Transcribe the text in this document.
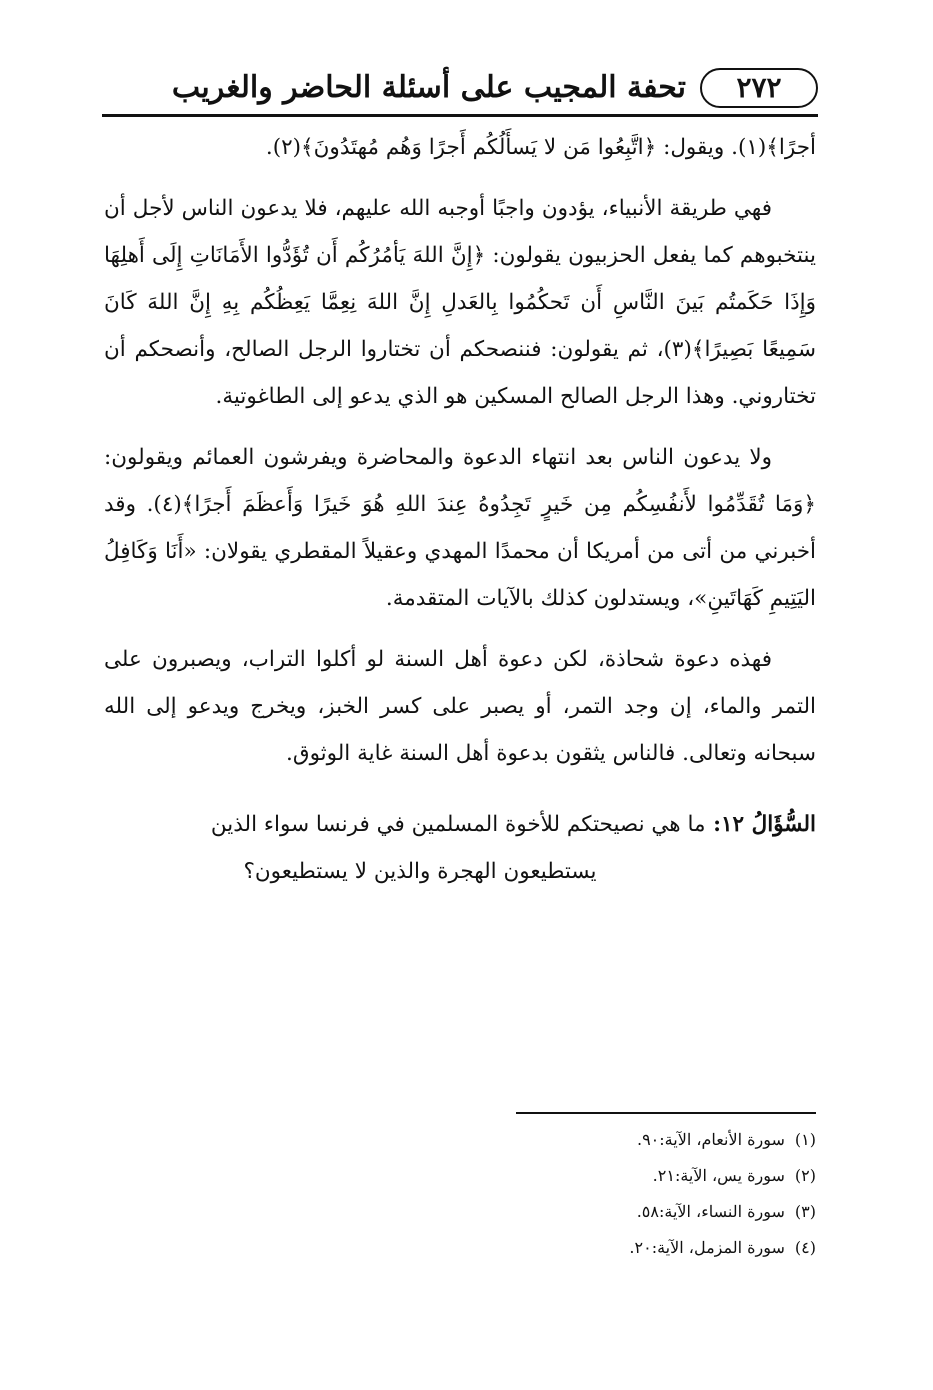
٢٧٢
تحفة المجيب على أسئلة الحاضر والغريب

أجرًا﴾(١). ويقول: ﴿اتَّبِعُوا مَن لا يَسأَلُكُم أَجرًا وَهُم مُهتَدُونَ﴾(٢).

فهي طريقة الأنبياء، يؤدون واجبًا أوجبه الله عليهم، فلا يدعون الناس لأجل أن ينتخبوهم كما يفعل الحزبيون يقولون: ﴿إِنَّ اللهَ يَأمُرُكُم أَن تُؤَدُّوا الأَمَانَاتِ إِلَى أَهلِهَا وَإِذَا حَكَمتُم بَينَ النَّاسِ أَن تَحكُمُوا بِالعَدلِ إِنَّ اللهَ نِعِمَّا يَعِظُكُم بِهِ إِنَّ اللهَ كَانَ سَمِيعًا بَصِيرًا﴾(٣)، ثم يقولون: فننصحكم أن تختاروا الرجل الصالح، وأنصحكم أن تختاروني. وهذا الرجل الصالح المسكين هو الذي يدعو إلى الطاغوتية.

ولا يدعون الناس بعد انتهاء الدعوة والمحاضرة ويفرشون العمائم ويقولون: ﴿وَمَا تُقَدِّمُوا لأَنفُسِكُم مِن خَيرٍ تَجِدُوهُ عِندَ اللهِ هُوَ خَيرًا وَأَعظَمَ أَجرًا﴾(٤). وقد أخبرني من أتى من أمريكا أن محمدًا المهدي وعقيلاً المقطري يقولان: «أَنَا وَكَافِلُ اليَتِيمِ كَهَاتَينِ»، ويستدلون كذلك بالآيات المتقدمة.

فهذه دعوة شحاذة، لكن دعوة أهل السنة لو أكلوا التراب، ويصبرون على التمر والماء، إن وجد التمر، أو يصبر على كسر الخبز، ويخرج ويدعو إلى الله سبحانه وتعالى. فالناس يثقون بدعوة أهل السنة غاية الوثوق.

السُّؤَالُ ١٢: ما هي نصيحتكم للأخوة المسلمين في فرنسا سواء الذين

يستطيعون الهجرة والذين لا يستطيعون؟

(١)سورة الأنعام، الآية:٩٠.

(٢)سورة يس، الآية:٢١.

(٣)سورة النساء، الآية:٥٨.

(٤)سورة المزمل، الآية:٢٠.
